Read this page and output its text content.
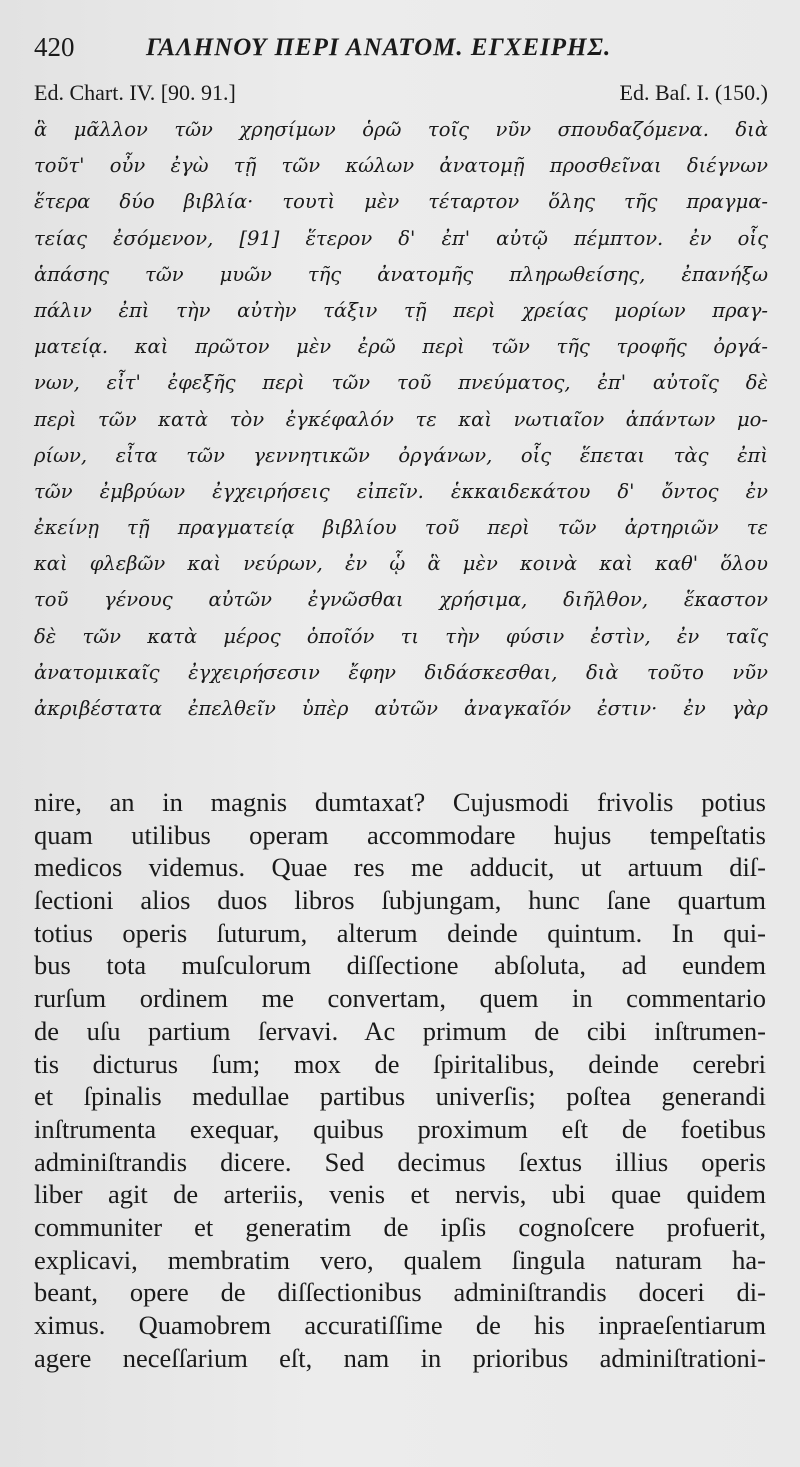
420	ΓΑΛΗΝΟΥ ΠΕΡΙ ΑΝΑΤΟΜ. ΕΓΧΕΙΡΗΣ.
Ed. Chart. IV. [90. 91.]	Ed. Baſ. I. (150.)
ἃ μᾶλλον τῶν χρησίμων ὁρῶ τοῖς νῦν σπουδαζόμενα. διὰ
τοῦτ' οὖν ἐγὼ τῇ τῶν κώλων ἀνατομῇ προσθεῖναι διέγνων
ἕτερα δύο βιβλία· τουτὶ μὲν τέταρτον ὅλης τῆς πραγμα-
τείας ἐσόμενον, [91] ἕτερον δ' ἐπ' αὐτῷ πέμπτον. ἐν οἷς
ἁπάσης τῶν μυῶν τῆς ἀνατομῆς πληρωθείσης, ἐπανήξω
πάλιν ἐπὶ τὴν αὐτὴν τάξιν τῇ περὶ χρείας μορίων πραγ-
ματείᾳ. καὶ πρῶτον μὲν ἐρῶ περὶ τῶν τῆς τροφῆς ὀργά-
νων, εἶτ' ἐφεξῆς περὶ τῶν τοῦ πνεύματος, ἐπ' αὐτοῖς δὲ
περὶ τῶν κατὰ τὸν ἐγκέφαλόν τε καὶ νωτιαῖον ἁπάντων μο-
ρίων, εἶτα τῶν γεννητικῶν ὀργάνων, οἷς ἕπεται τὰς ἐπὶ
τῶν ἐμβρύων ἐγχειρήσεις εἰπεῖν. ἑκκαιδεκάτου δ' ὄντος ἐν
ἐκείνῃ τῇ πραγματείᾳ βιβλίου τοῦ περὶ τῶν ἀρτηριῶν τε
καὶ φλεβῶν καὶ νεύρων, ἐν ᾧ ἃ μὲν κοινὰ καὶ καθ' ὅλου
τοῦ γένους αὐτῶν ἐγνῶσθαι χρήσιμα, διῆλθον, ἕκαστον
δὲ τῶν κατὰ μέρος ὁποῖόν τι τὴν φύσιν ἐστὶν, ἐν ταῖς
ἀνατομικαῖς ἐγχειρήσεσιν ἔφην διδάσκεσθαι, διὰ τοῦτο νῦν
ἀκριβέστατα ἐπελθεῖν ὑπὲρ αὐτῶν ἀναγκαῖόν ἐστιν· ἐν γὰρ
nire, an in magnis dumtaxat? Cujusmodi frivolis potius
quam utilibus operam accommodare hujus tempeſtatis
medicos videmus. Quae res me adducit, ut artuum diſ-
ſectioni alios duos libros ſubjungam, hunc ſane quartum
totius operis ſuturum, alterum deinde quintum. In qui-
bus tota muſculorum diſſectione abſoluta, ad eundem
rurſum ordinem me convertam, quem in commentario
de uſu partium ſervavi. Ac primum de cibi inſtrumen-
tis dicturus ſum; mox de ſpiritalibus, deinde cerebri
et ſpinalis medullae partibus univerſis; poſtea generandi
inſtrumenta exequar, quibus proximum eſt de foetibus
adminiſtrandis dicere. Sed decimus ſextus illius operis
liber agit de arteriis, venis et nervis, ubi quae quidem
communiter et generatim de ipſis cognoſcere profuerit,
explicavi, membratim vero, qualem ſingula naturam ha-
beant, opere de diſſectionibus adminiſtrandis doceri di-
ximus. Quamobrem accuratiſſime de his inpraeſentiarum
agere neceſſarium eſt, nam in prioribus adminiſtrationi-
